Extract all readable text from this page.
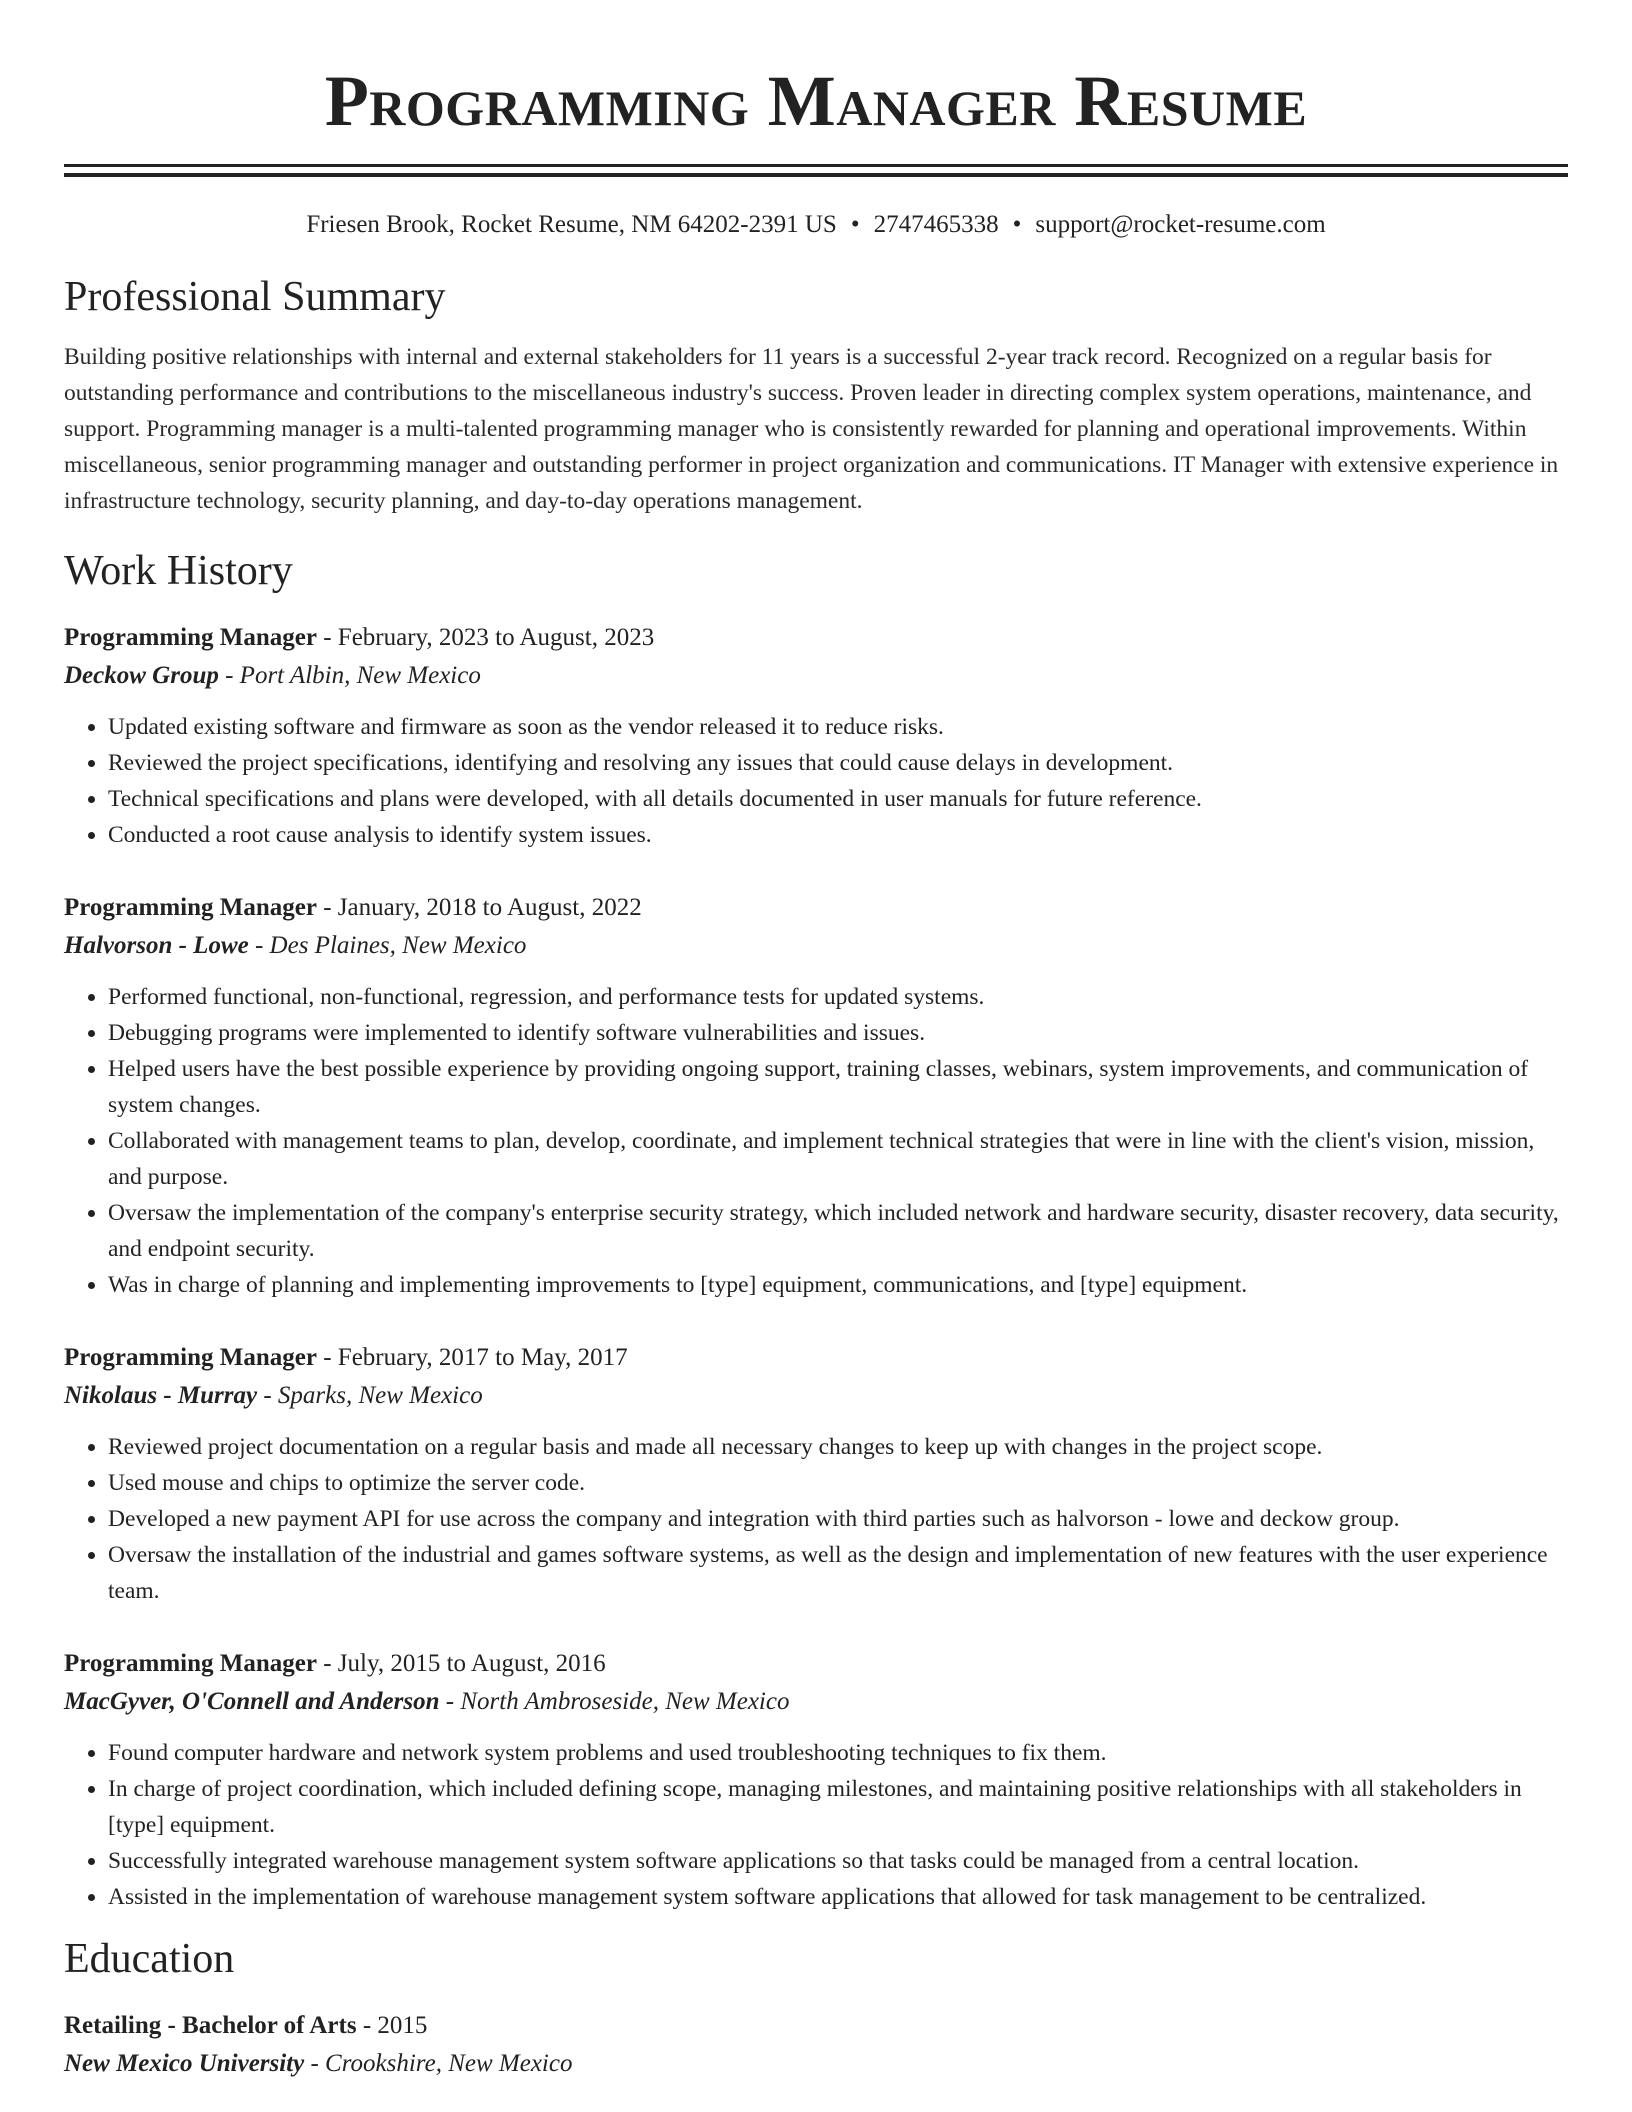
Programming Manager Resume
Friesen Brook, Rocket Resume, NM 64202-2391 US • 2747465338 • support@rocket-resume.com
Professional Summary

Building positive relationships with internal and external stakeholders for 11 years is a successful 2-year track record. Recognized on a regular basis for outstanding performance and contributions to the miscellaneous industry's success. Proven leader in directing complex system operations, maintenance, and support. Programming manager is a multi-talented programming manager who is consistently rewarded for planning and operational improvements. Within miscellaneous, senior programming manager and outstanding performer in project organization and communications. IT Manager with extensive experience in infrastructure technology, security planning, and day-to-day operations management.

Work History
Programming Manager - February, 2023 to August, 2023
Deckow Group - Port Albin, New Mexico
• Updated existing software and firmware as soon as the vendor released it to reduce risks.
• Reviewed the project specifications, identifying and resolving any issues that could cause delays in development.
• Technical specifications and plans were developed, with all details documented in user manuals for future reference.
• Conducted a root cause analysis to identify system issues.
Programming Manager - January, 2018 to August, 2022
Halvorson - Lowe - Des Plaines, New Mexico
• Performed functional, non-functional, regression, and performance tests for updated systems.
• Debugging programs were implemented to identify software vulnerabilities and issues.
• Helped users have the best possible experience by providing ongoing support, training classes, webinars, system improvements, and communication of system changes.
• Collaborated with management teams to plan, develop, coordinate, and implement technical strategies that were in line with the client's vision, mission, and purpose.
• Oversaw the implementation of the company's enterprise security strategy, which included network and hardware security, disaster recovery, data security, and endpoint security.
• Was in charge of planning and implementing improvements to [type] equipment, communications, and [type] equipment.
Programming Manager - February, 2017 to May, 2017
Nikolaus - Murray - Sparks, New Mexico
• Reviewed project documentation on a regular basis and made all necessary changes to keep up with changes in the project scope.
• Used mouse and chips to optimize the server code.
• Developed a new payment API for use across the company and integration with third parties such as halvorson - lowe and deckow group.
• Oversaw the installation of the industrial and games software systems, as well as the design and implementation of new features with the user experience team.
Programming Manager - July, 2015 to August, 2016
MacGyver, O'Connell and Anderson - North Ambroseside, New Mexico
• Found computer hardware and network system problems and used troubleshooting techniques to fix them.
• In charge of project coordination, which included defining scope, managing milestones, and maintaining positive relationships with all stakeholders in [type] equipment.
• Successfully integrated warehouse management system software applications so that tasks could be managed from a central location.
• Assisted in the implementation of warehouse management system software applications that allowed for task management to be centralized.
Education
Retailing - Bachelor of Arts - 2015
New Mexico University - Crookshire, New Mexico
